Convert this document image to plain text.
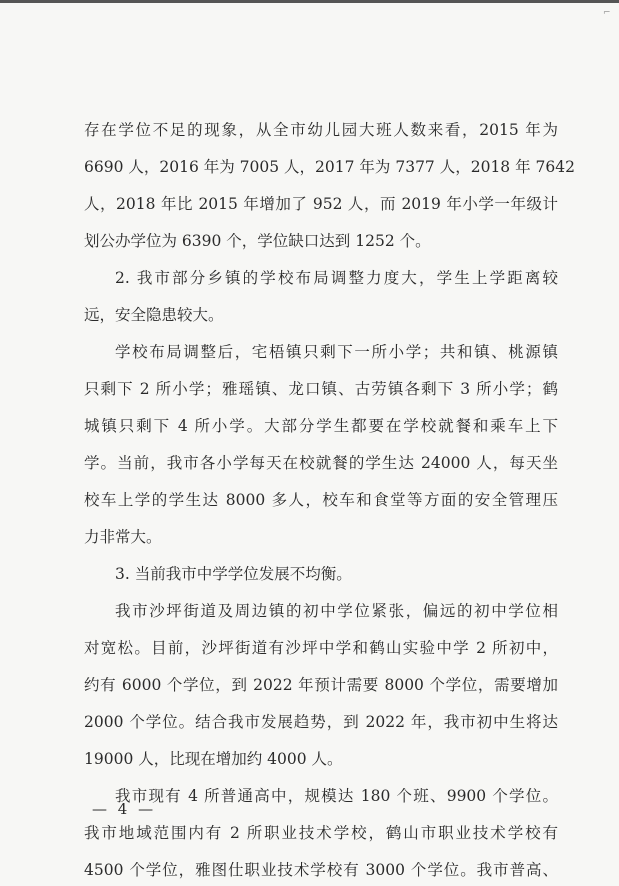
⌐
存在学位不足的现象，从全市幼儿园大班人数来看，2015 年为
6690 人，2016 年为 7005 人，2017 年为 7377 人，2018 年 7642
人，2018 年比 2015 年增加了 952 人，而 2019 年小学一年级计
划公办学位为 6390 个，学位缺口达到 1252 个。
2. 我市部分乡镇的学校布局调整力度大，学生上学距离较
远，安全隐患较大。
学校布局调整后，宅梧镇只剩下一所小学；共和镇、桃源镇
只剩下 2 所小学；雅瑶镇、龙口镇、古劳镇各剩下 3 所小学；鹤
城镇只剩下 4 所小学。大部分学生都要在学校就餐和乘车上下
学。当前，我市各小学每天在校就餐的学生达 24000 人，每天坐
校车上学的学生达 8000 多人，校车和食堂等方面的安全管理压
力非常大。
3. 当前我市中学学位发展不均衡。
我市沙坪街道及周边镇的初中学位紧张，偏远的初中学位相
对宽松。目前，沙坪街道有沙坪中学和鹤山实验中学 2 所初中，
约有 6000 个学位，到 2022 年预计需要 8000 个学位，需要增加
2000 个学位。结合我市发展趋势，到 2022 年，我市初中生将达
19000 人，比现在增加约 4000 人。
我市现有 4 所普通高中，规模达 180 个班、9900 个学位。
我市地域范围内有 2 所职业技术学校，鹤山市职业技术学校有
4500 个学位，雅图仕职业技术学校有 3000 个学位。我市普高、
— 4 —
